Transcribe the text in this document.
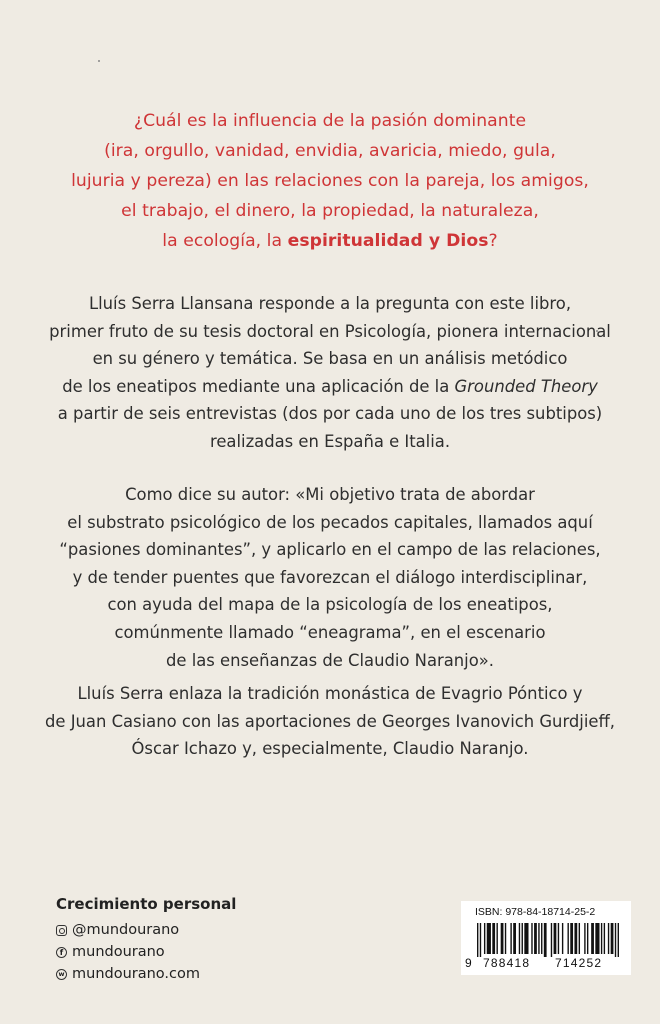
¿Cuál es la influencia de la pasión dominante
(ira, orgullo, vanidad, envidia, avaricia, miedo, gula,
lujuria y pereza) en las relaciones con la pareja, los amigos,
el trabajo, el dinero, la propiedad, la naturaleza,
la ecología, la espiritualidad y Dios?
Lluís Serra Llansana responde a la pregunta con este libro,
primer fruto de su tesis doctoral en Psicología, pionera internacional
en su género y temática. Se basa en un análisis metódico
de los eneatipos mediante una aplicación de la Grounded Theory
a partir de seis entrevistas (dos por cada uno de los tres subtipos)
realizadas en España e Italia.
Como dice su autor: «Mi objetivo trata de abordar
el substrato psicológico de los pecados capitales, llamados aquí
“pasiones dominantes”, y aplicarlo en el campo de las relaciones,
y de tender puentes que favorezcan el diálogo interdisciplinar,
con ayuda del mapa de la psicología de los eneatipos,
comúnmente llamado “eneagrama”, en el escenario
de las enseñanzas de Claudio Naranjo».
Lluís Serra enlaza la tradición monástica de Evagrio Póntico y
de Juan Casiano con las aportaciones de Georges Ivanovich Gurdjieff,
Óscar Ichazo y, especialmente, Claudio Naranjo.
Crecimiento personal
@mundourano
f mundourano
w mundourano.com
ISBN: 978-84-18714-25-2
9 788418 714252
